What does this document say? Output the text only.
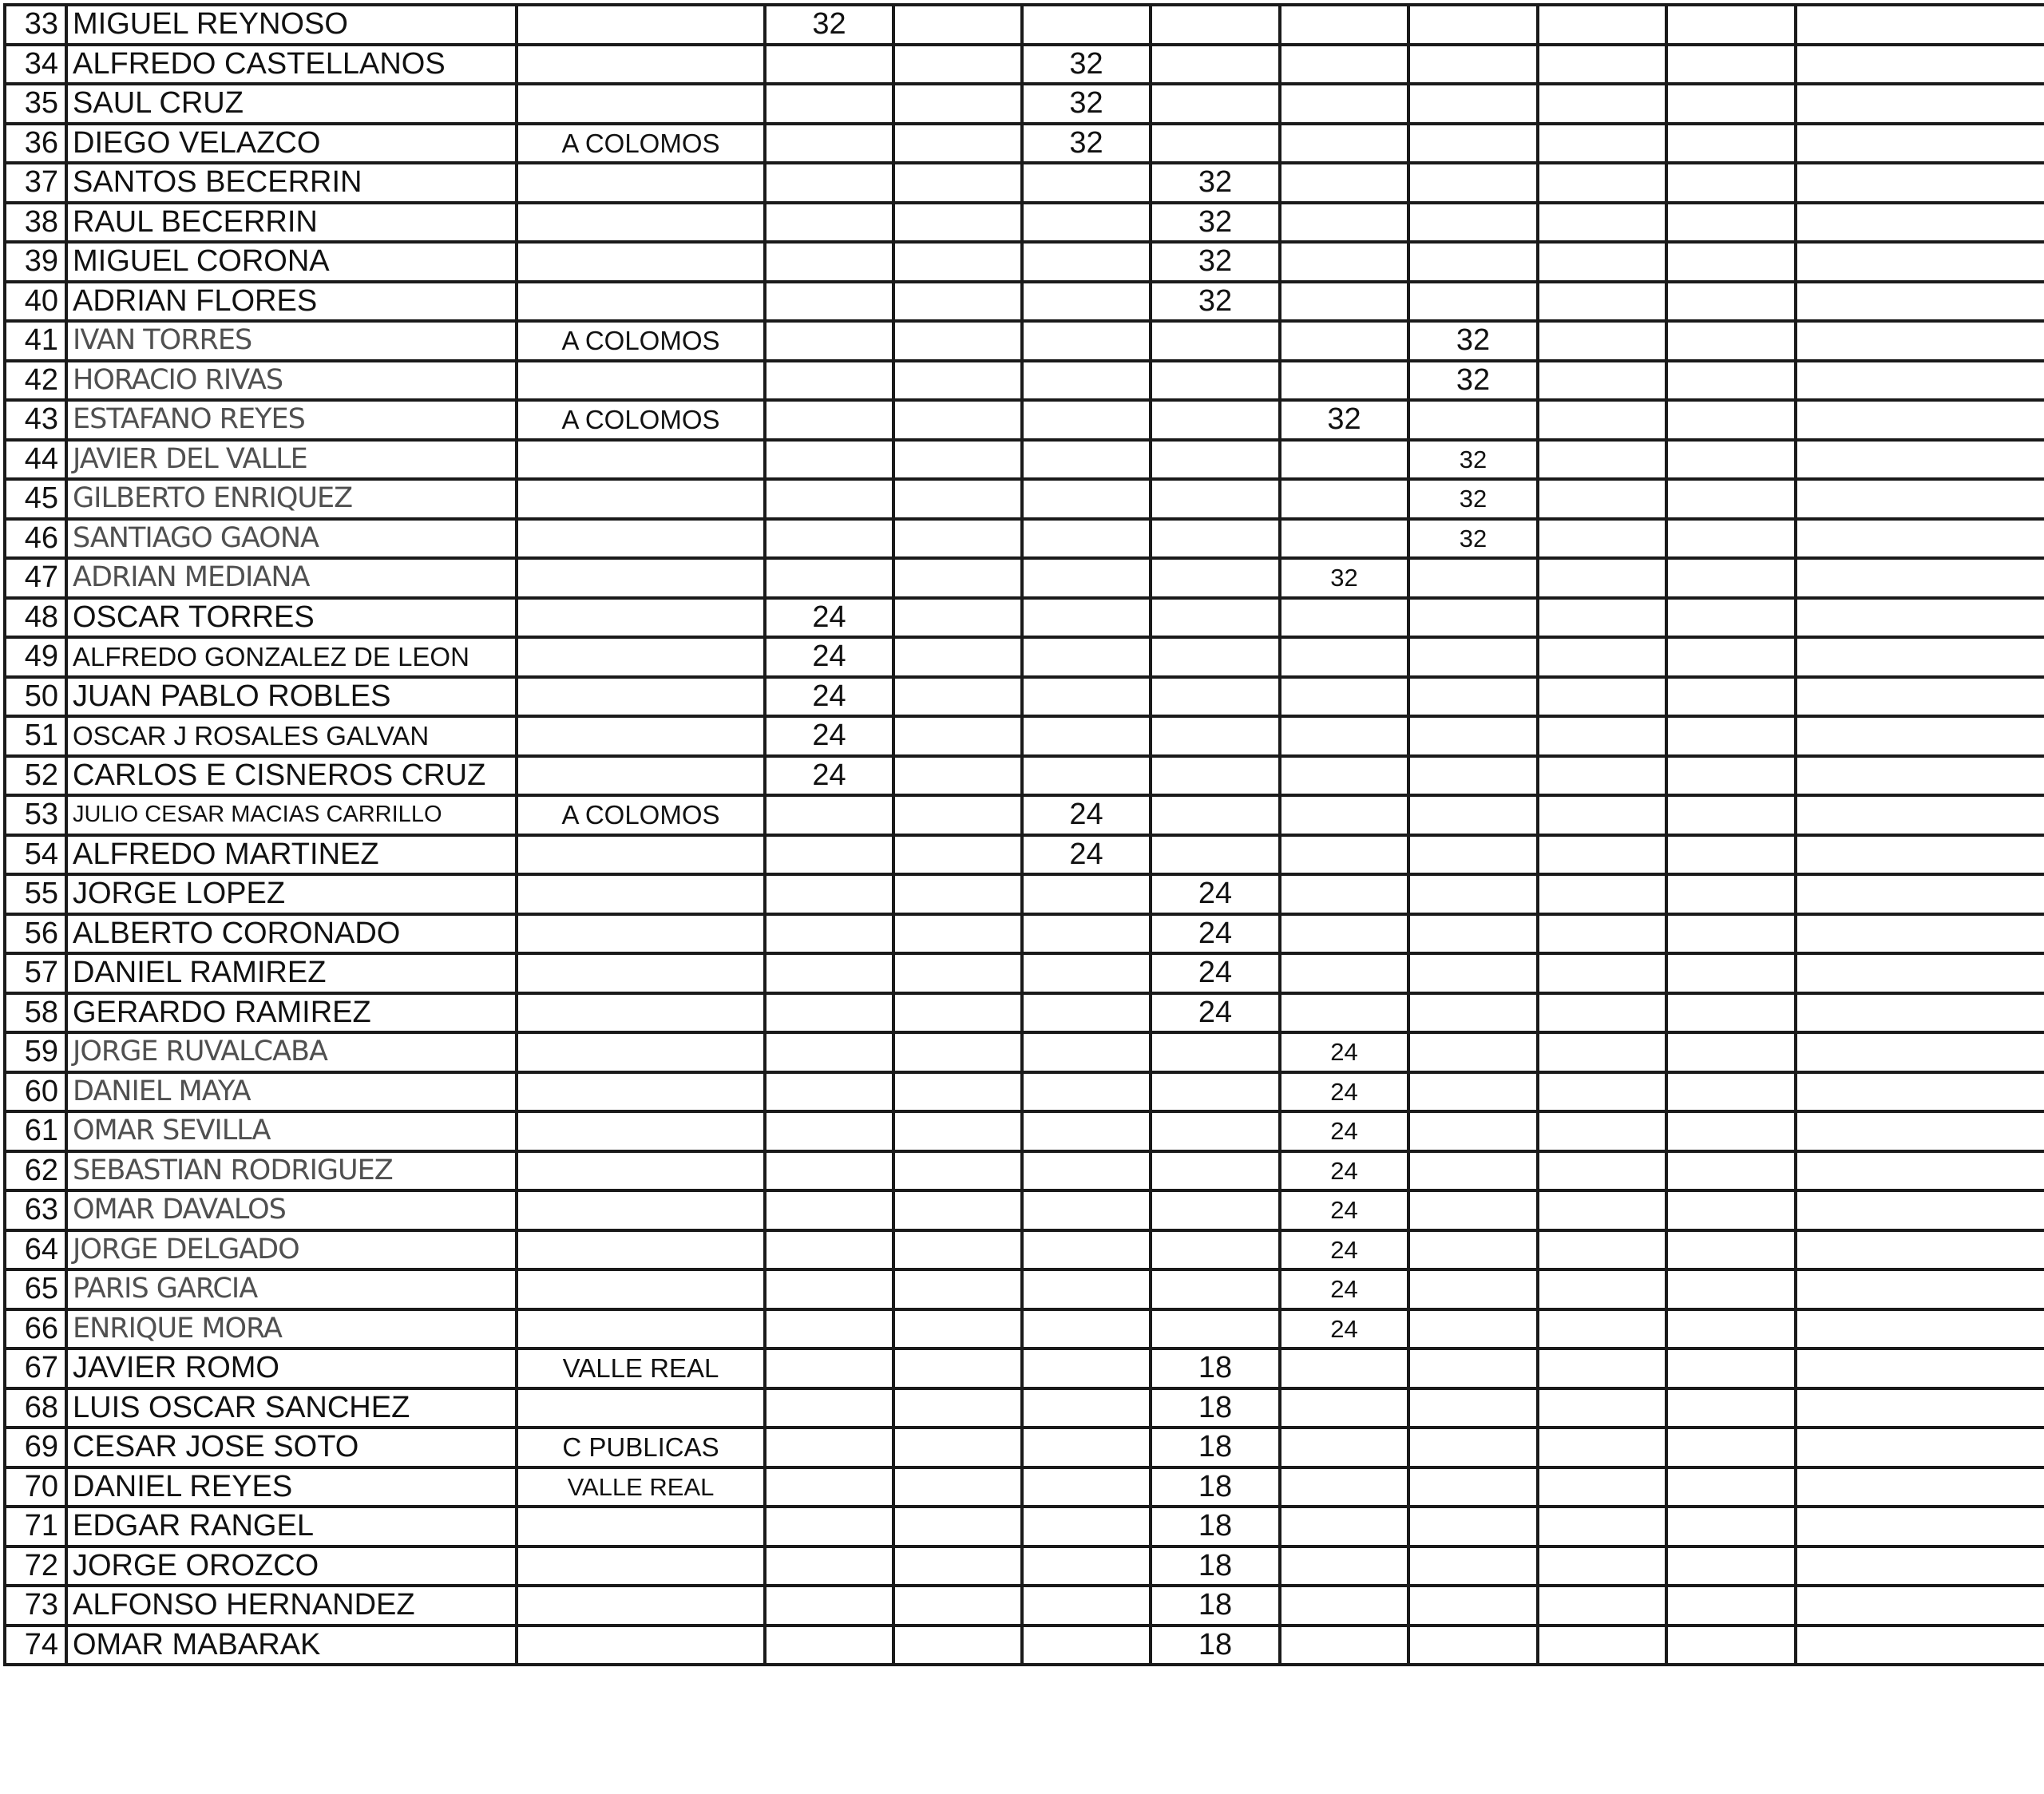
33	MIGUEL REYNOSO		32									
34	ALFREDO CASTELLANOS				32							
35	SAUL CRUZ				32							
36	DIEGO VELAZCO	A COLOMOS			32							
37	SANTOS BECERRIN					32						
38	RAUL BECERRIN					32						
39	MIGUEL CORONA					32						
40	ADRIAN FLORES					32						
41	IVAN TORRES	A COLOMOS						32				
42	HORACIO RIVAS							32				
43	ESTAFANO REYES	A COLOMOS					32					
44	JAVIER DEL VALLE							32				
45	GILBERTO ENRIQUEZ							32				
46	SANTIAGO GAONA							32				
47	ADRIAN MEDIANA						32					
48	OSCAR TORRES		24									
49	ALFREDO GONZALEZ DE LEON		24									
50	JUAN PABLO ROBLES		24									
51	OSCAR J ROSALES GALVAN		24									
52	CARLOS E CISNEROS CRUZ		24									
53	JULIO CESAR MACIAS CARRILLO	A COLOMOS			24							
54	ALFREDO MARTINEZ				24							
55	JORGE LOPEZ					24						
56	ALBERTO CORONADO					24						
57	DANIEL RAMIREZ					24						
58	GERARDO RAMIREZ					24						
59	JORGE RUVALCABA						24					
60	DANIEL MAYA						24					
61	OMAR SEVILLA						24					
62	SEBASTIAN RODRIGUEZ						24					
63	OMAR DAVALOS						24					
64	JORGE DELGADO						24					
65	PARIS GARCIA						24					
66	ENRIQUE MORA						24					
67	JAVIER ROMO	VALLE REAL				18						
68	LUIS OSCAR SANCHEZ					18						
69	CESAR JOSE SOTO	C PUBLICAS				18						
70	DANIEL REYES	VALLE REAL				18						
71	EDGAR RANGEL					18						
72	JORGE OROZCO					18						
73	ALFONSO HERNANDEZ					18						
74	OMAR MABARAK					18						
